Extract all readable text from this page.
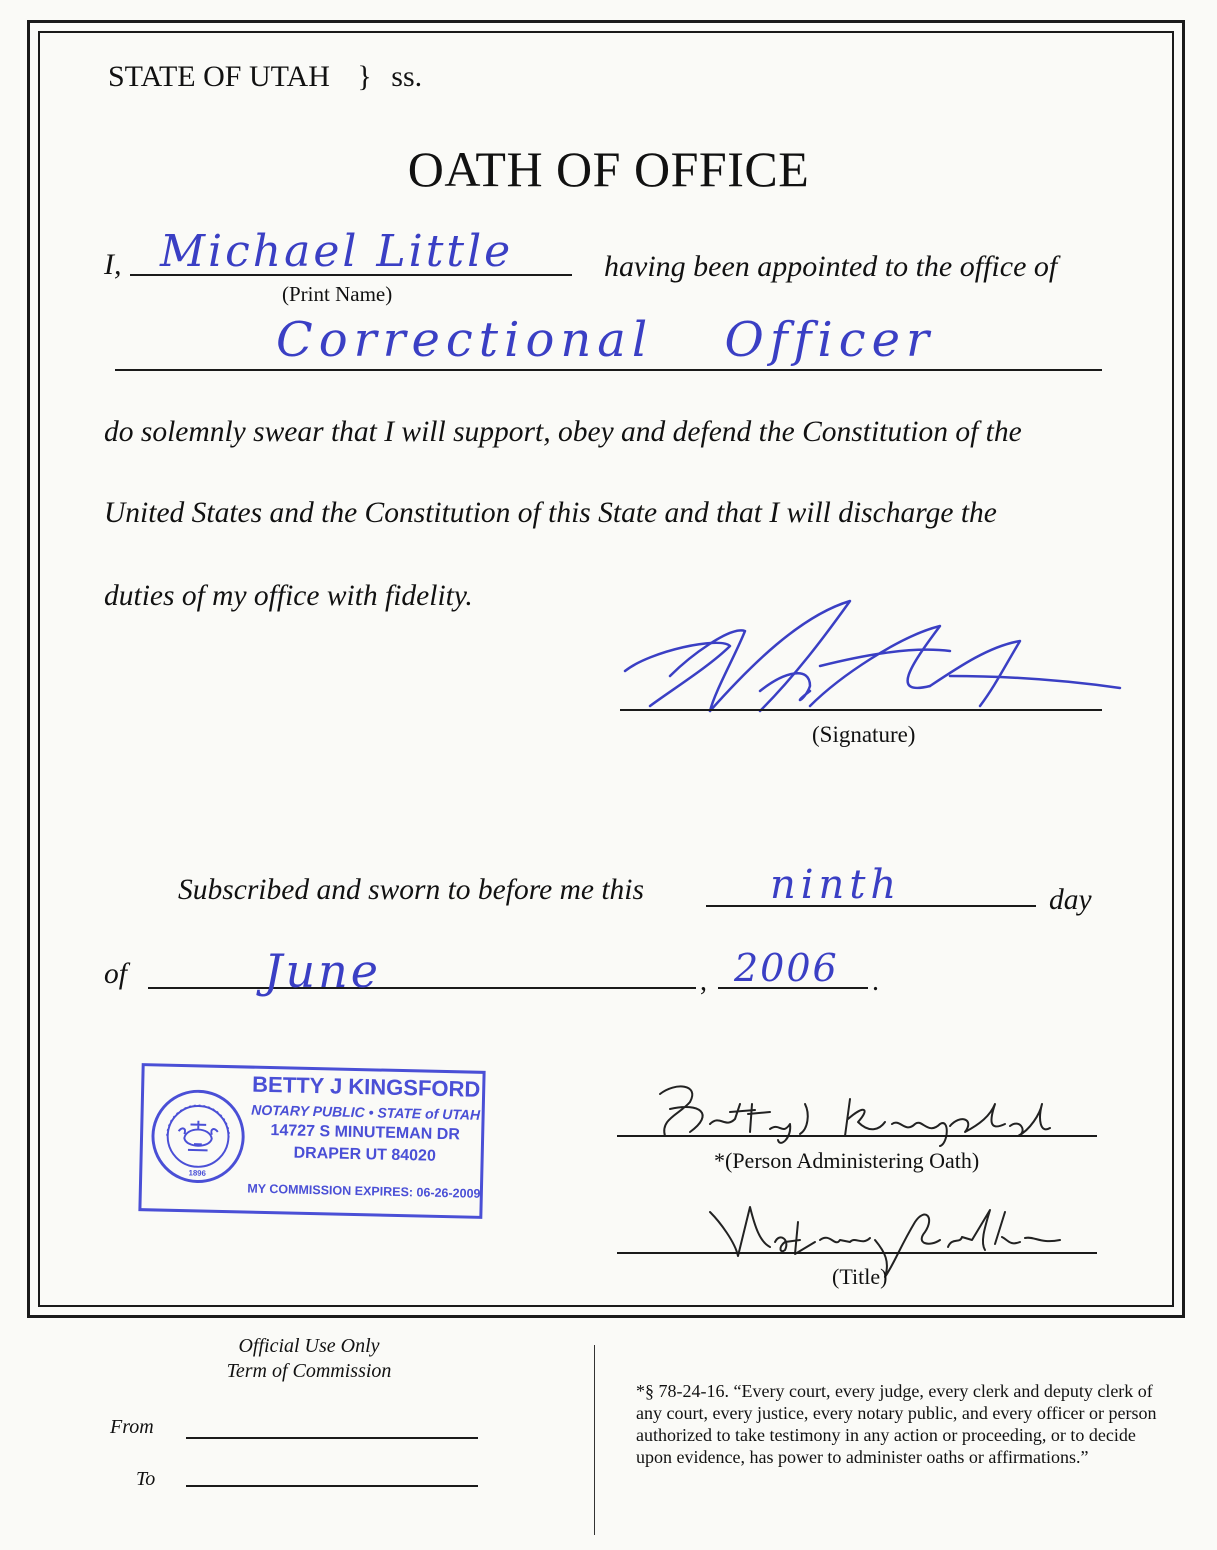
STATE OF UTAH } ss.
OATH OF OFFICE
I, Michael Little
(Print Name)
having been appointed to the office of
Correctional Officer
do solemnly swear that I will support, obey and defend the Constitution of the
United States and the Constitution of this State and that I will discharge the
duties of my office with fidelity.
(Signature)
Subscribed and sworn to before me this	ninth	day
of	June	, 2006 .
1896
BETTY J KINGSFORD
NOTARY PUBLIC • STATE of UTAH
14727 S MINUTEMAN DR
DRAPER UT 84020
MY COMMISSION EXPIRES: 06-26-2009
*(Person Administering Oath)
(Title)
Official Use Only
Term of Commission
From
To
*§ 78-24-16. “Every court, every judge, every clerk and deputy clerk of any court, every justice, every notary public, and every officer or person authorized to take testimony in any action or proceeding, or to decide upon evidence, has power to administer oaths or affirmations.”
